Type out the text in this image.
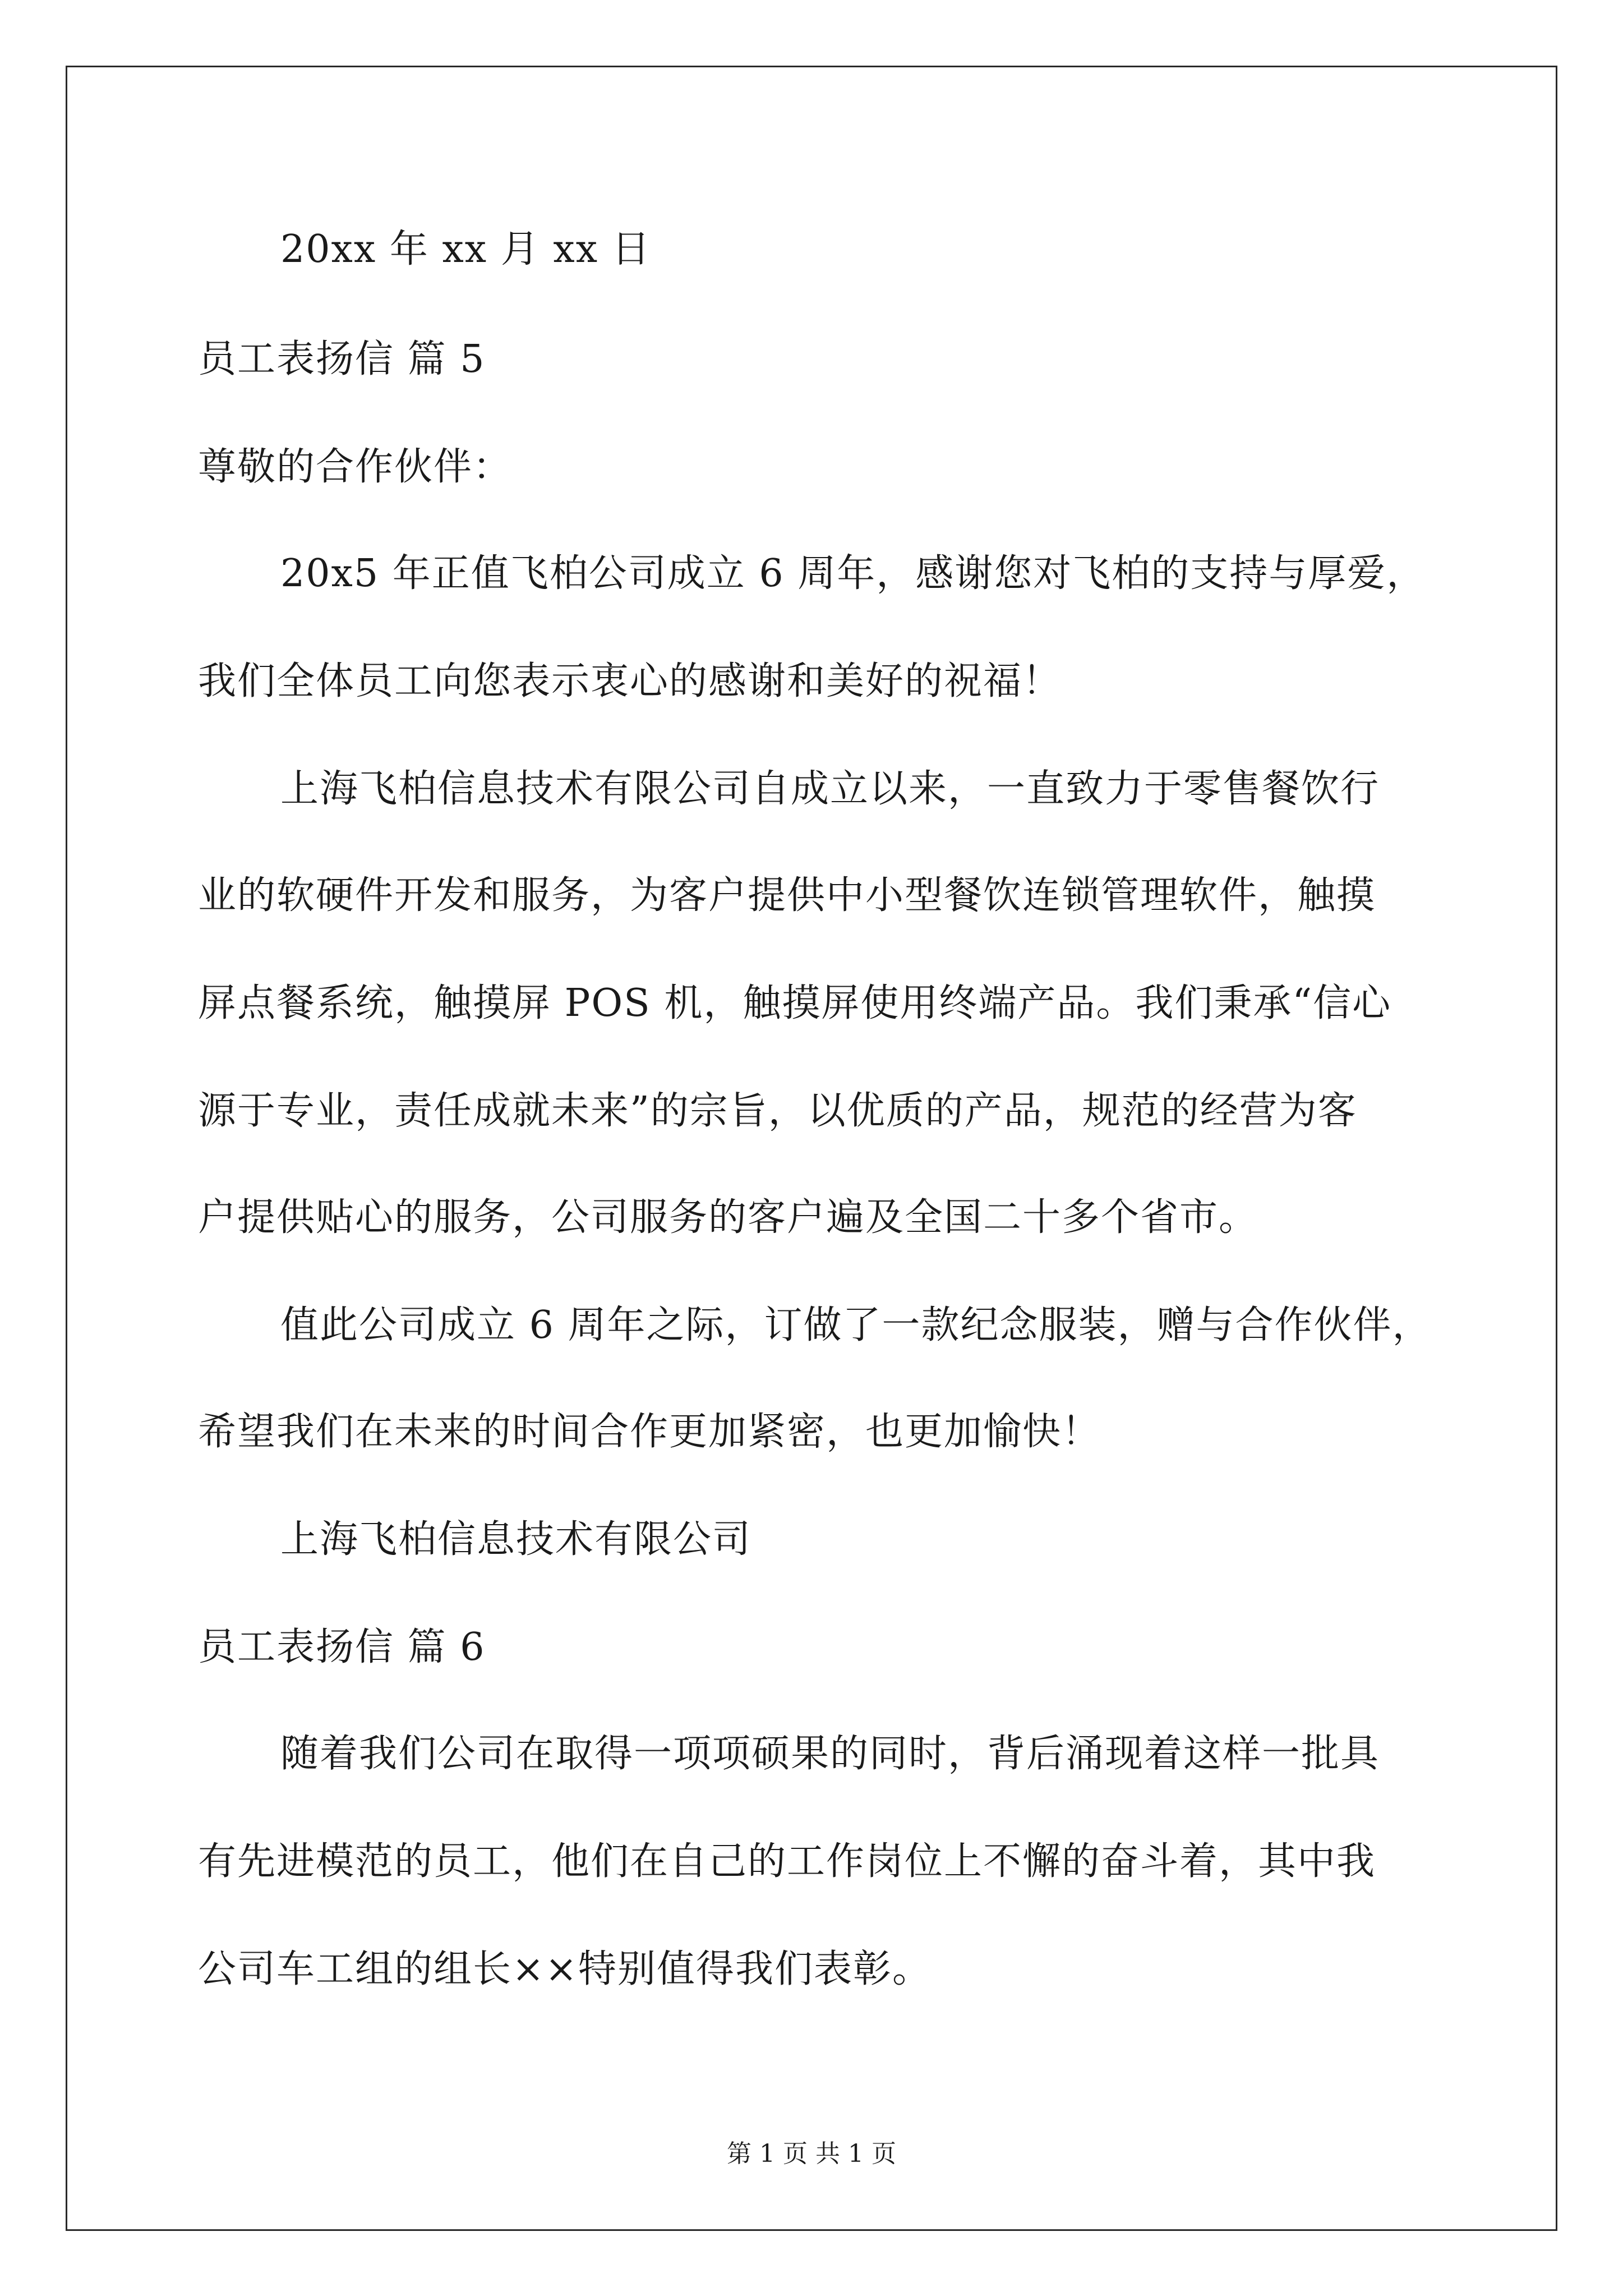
20xx 年 xx 月 xx 日
员工表扬信 篇 5
尊敬的合作伙伴：
20x5 年正值飞柏公司成立 6 周年，感谢您对飞柏的支持与厚爱，
我们全体员工向您表示衷心的感谢和美好的祝福！
上海飞柏信息技术有限公司自成立以来，一直致力于零售餐饮行
业的软硬件开发和服务，为客户提供中小型餐饮连锁管理软件，触摸
屏点餐系统，触摸屏 POS 机，触摸屏使用终端产品。我们秉承“信心
源于专业，责任成就未来”的宗旨，以优质的产品，规范的经营为客
户提供贴心的服务，公司服务的客户遍及全国二十多个省市。
值此公司成立 6 周年之际，订做了一款纪念服装，赠与合作伙伴，
希望我们在未来的时间合作更加紧密，也更加愉快！
上海飞柏信息技术有限公司
员工表扬信 篇 6
随着我们公司在取得一项项硕果的同时，背后涌现着这样一批具
有先进模范的员工，他们在自己的工作岗位上不懈的奋斗着，其中我
公司车工组的组长××特别值得我们表彰。
第 1 页 共 1 页
